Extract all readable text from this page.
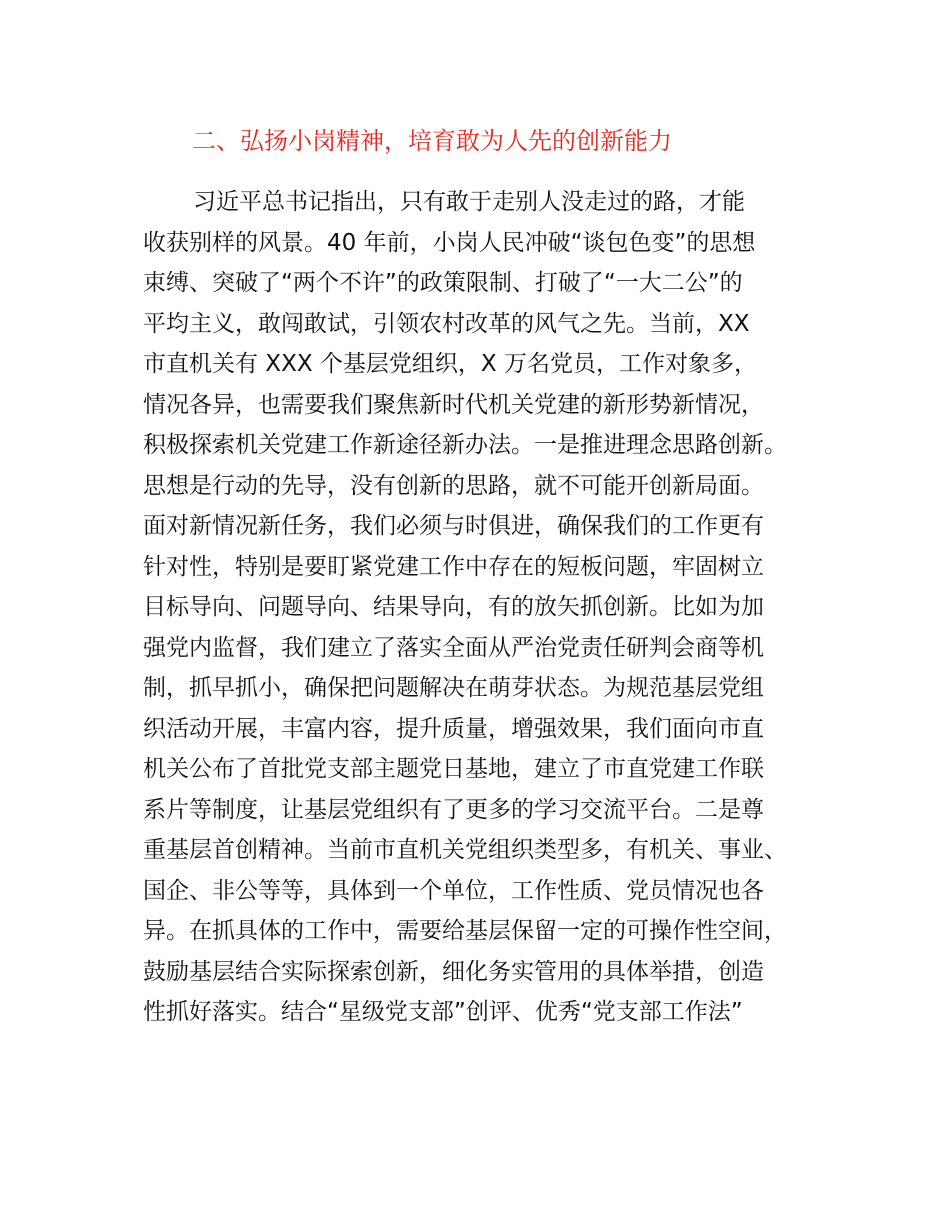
二、弘扬小岗精神，培育敢为人先的创新能力
习近平总书记指出，只有敢于走别人没走过的路，才能
收获别样的风景。40 年前，小岗人民冲破“谈包色变”的思想
束缚、突破了“两个不许”的政策限制、打破了“一大二公”的
平均主义，敢闯敢试，引领农村改革的风气之先。当前，XX
市直机关有 XXX 个基层党组织，X 万名党员，工作对象多，
情况各异，也需要我们聚焦新时代机关党建的新形势新情况，
积极探索机关党建工作新途径新办法。一是推进理念思路创新。
思想是行动的先导，没有创新的思路，就不可能开创新局面。
面对新情况新任务，我们必须与时俱进，确保我们的工作更有
针对性，特别是要盯紧党建工作中存在的短板问题，牢固树立
目标导向、问题导向、结果导向，有的放矢抓创新。比如为加
强党内监督，我们建立了落实全面从严治党责任研判会商等机
制，抓早抓小，确保把问题解决在萌芽状态。为规范基层党组
织活动开展，丰富内容，提升质量，增强效果，我们面向市直
机关公布了首批党支部主题党日基地，建立了市直党建工作联
系片等制度，让基层党组织有了更多的学习交流平台。二是尊
重基层首创精神。当前市直机关党组织类型多，有机关、事业、
国企、非公等等，具体到一个单位，工作性质、党员情况也各
异。在抓具体的工作中，需要给基层保留一定的可操作性空间，
鼓励基层结合实际探索创新，细化务实管用的具体举措，创造
性抓好落实。结合“星级党支部”创评、优秀“党支部工作法”
